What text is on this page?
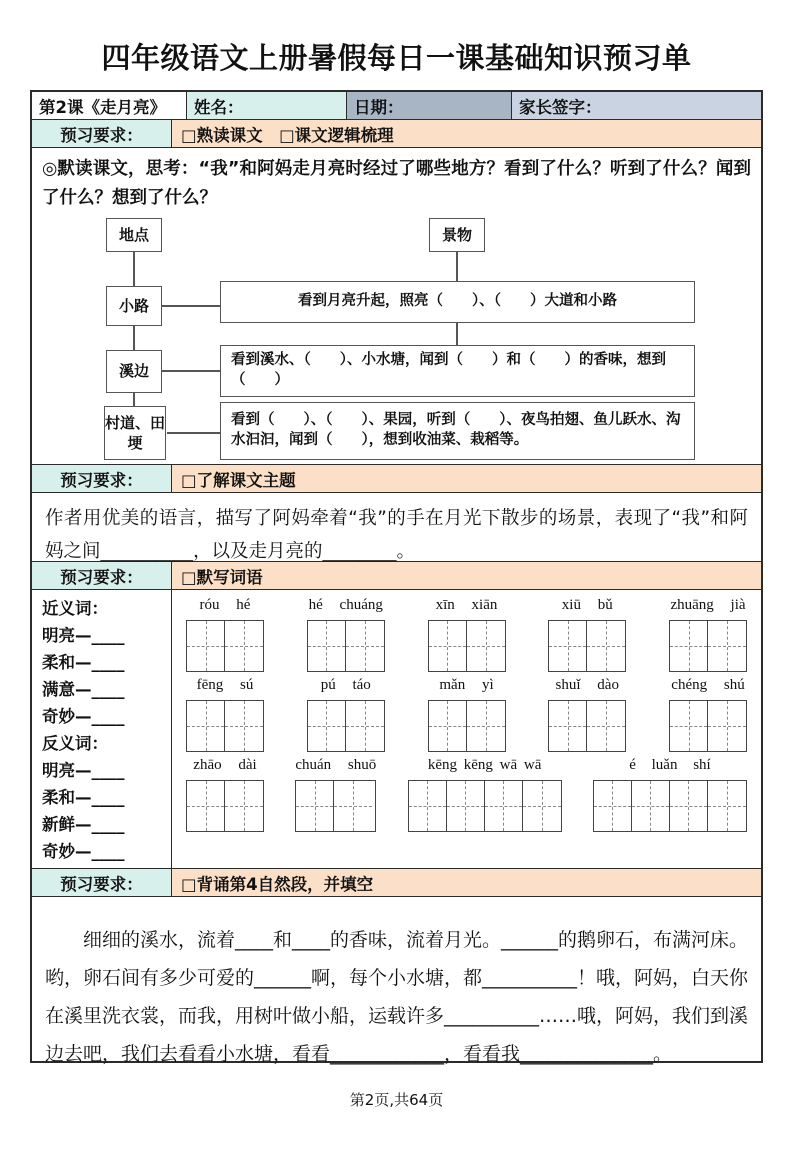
四年级语文上册暑假每日一课基础知识预习单
第2课《走月亮》	姓名：	日期：	家长签字：
预习要求：	□熟读课文　□课文逻辑梳理
◎默读课文，思考：“我”和阿妈走月亮时经过了哪些地方？看到了什么？听到了什么？闻到了什么？想到了什么？
地点	景物
小路	看到月亮升起，照亮（　　）、（　　）大道和小路
溪边
看到溪水、（　　）、小水塘，闻到（　　）和（　　）的香味，想到（　　）
村道、田埂
看到（　　）、（　　）、果园，听到（　　）、夜鸟拍翅、鱼儿跃水、沟水汩汩，闻到（　　），想到收油菜、栽稻等。
预习要求：	□了解课文主题
作者用优美的语言，描写了阿妈牵着“我”的手在月光下散步的场景，表现了“我”和阿妈之间__________，以及走月亮的________。
预习要求：	□默写词语
近义词：
明亮—____
柔和—____
满意—____
奇妙—____
反义词：
明亮—____
柔和—____
新鲜—____
奇妙—____
róu hé	hé chuáng	xīn xiān	xiū bǔ	zhuāng jià
fēng sú	pú táo	mǎn yì	shuǐ dào	chéng shú
zhāo dài	chuán shuō	kēng kēng wā wā	é luǎn shí
预习要求：	□背诵第4自然段，并填空
　　细细的溪水，流着____和____的香味，流着月光。______的鹅卵石，布满河床。哟，卵石间有多少可爱的______啊，每个小水塘，都__________！哦，阿妈，白天你在溪里洗衣裳，而我，用树叶做小船，运载许多__________……哦，阿妈，我们到溪边去吧，我们去看看小水塘，看看____________，看看我______________。
第2页,共64页
